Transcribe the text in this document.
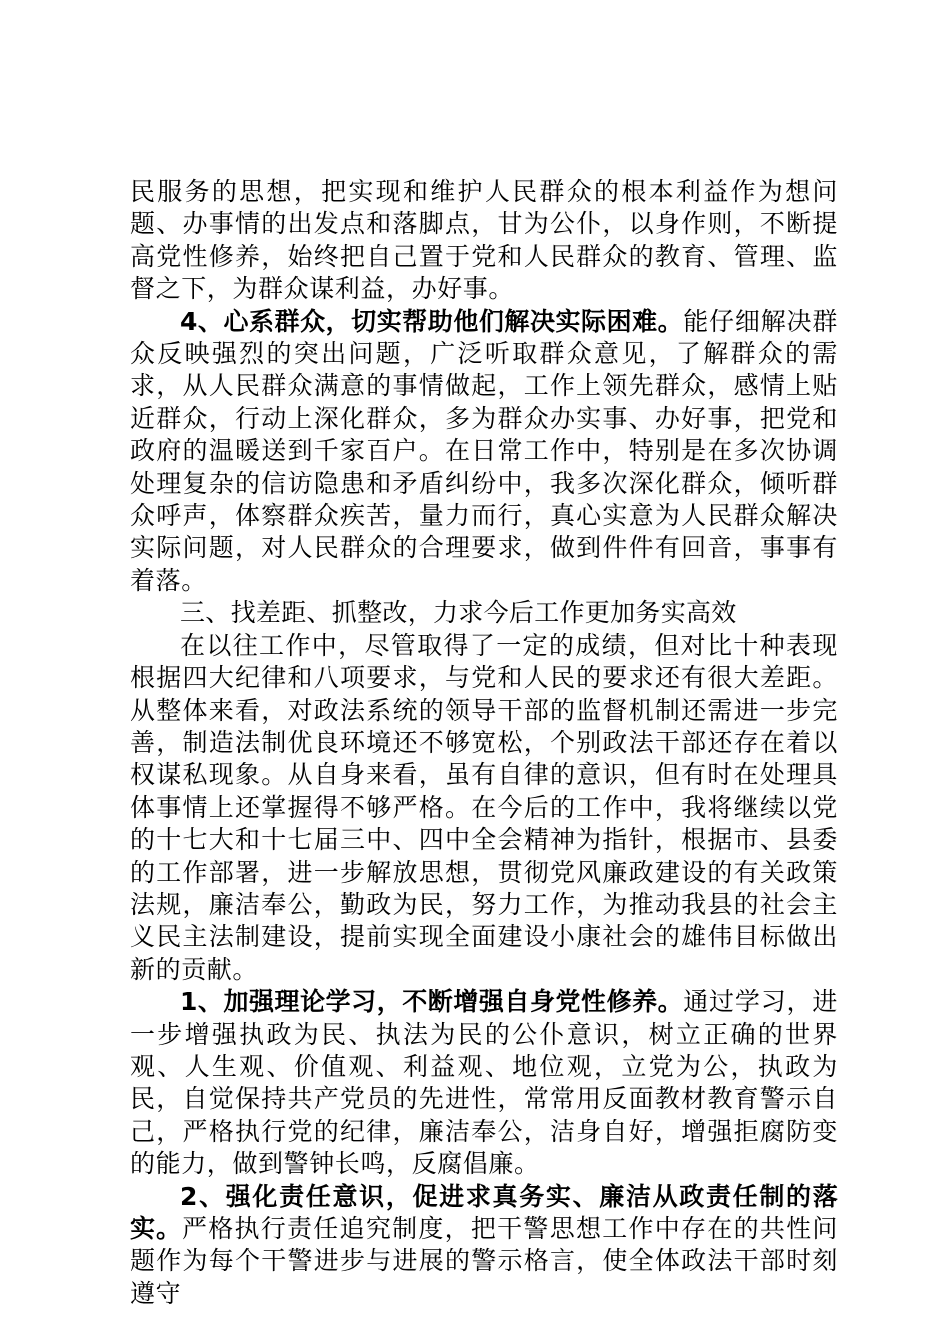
民服务的思想，把实现和维护人民群众的根本利益作为想问题、办事情的出发点和落脚点，甘为公仆，以身作则，不断提高党性修养，始终把自己置于党和人民群众的教育、管理、监督之下，为群众谋利益，办好事。

4、心系群众，切实帮助他们解决实际困难。能仔细解决群众反映强烈的突出问题，广泛听取群众意见，了解群众的需求，从人民群众满意的事情做起，工作上领先群众，感情上贴近群众，行动上深化群众，多为群众办实事、办好事，把党和政府的温暖送到千家百户。在日常工作中，特别是在多次协调处理复杂的信访隐患和矛盾纠纷中，我多次深化群众，倾听群众呼声，体察群众疾苦，量力而行，真心实意为人民群众解决实际问题，对人民群众的合理要求，做到件件有回音，事事有着落。

三、找差距、抓整改，力求今后工作更加务实高效

在以往工作中，尽管取得了一定的成绩，但对比十种表现根据四大纪律和八项要求，与党和人民的要求还有很大差距。从整体来看，对政法系统的领导干部的监督机制还需进一步完善，制造法制优良环境还不够宽松，个别政法干部还存在着以权谋私现象。从自身来看，虽有自律的意识，但有时在处理具体事情上还掌握得不够严格。在今后的工作中，我将继续以党的十七大和十七届三中、四中全会精神为指针，根据市、县委的工作部署，进一步解放思想，贯彻党风廉政建设的有关政策法规，廉洁奉公，勤政为民，努力工作，为推动我县的社会主义民主法制建设，提前实现全面建设小康社会的雄伟目标做出新的贡献。

1、加强理论学习，不断增强自身党性修养。通过学习，进一步增强执政为民、执法为民的公仆意识，树立正确的世界观、人生观、价值观、利益观、地位观，立党为公，执政为民，自觉保持共产党员的先进性，常常用反面教材教育警示自己，严格执行党的纪律，廉洁奉公，洁身自好，增强拒腐防变的能力，做到警钟长鸣，反腐倡廉。

2、强化责任意识，促进求真务实、廉洁从政责任制的落实。严格执行责任追究制度，把干警思想工作中存在的共性问题作为每个干警进步与进展的警示格言，使全体政法干部时刻遵守
